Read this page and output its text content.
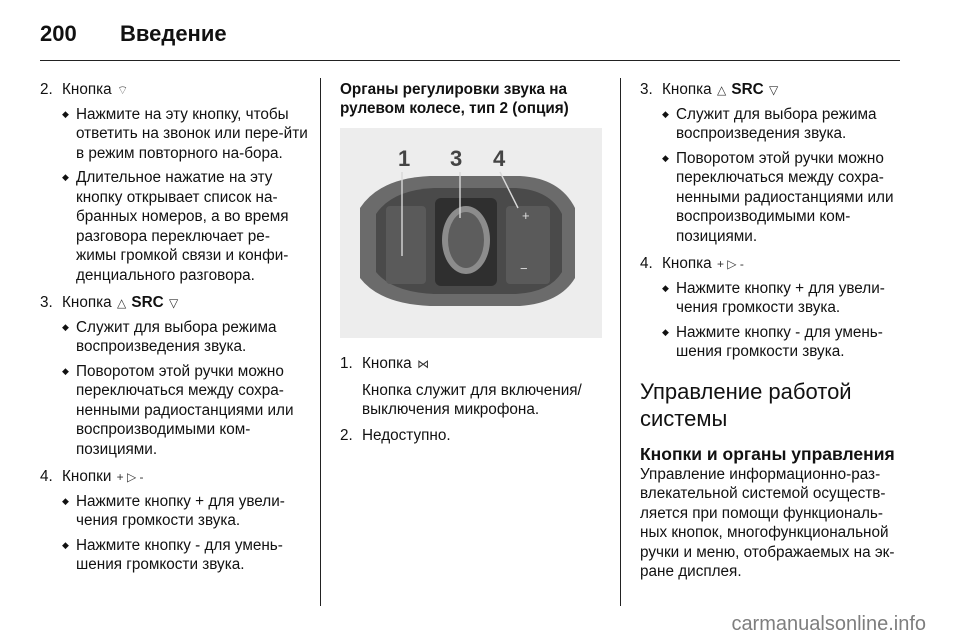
200	Введение
2. Кнопка ⌔
◆ Нажмите на эту кнопку, чтобы ответить на звонок или пере-йти в режим повторного на-бора.
◆ Длительное нажатие на эту кнопку открывает список на-бранных номеров, а во время разговора переключает ре-жимы громкой связи и конфи-денциального разговора.
3. Кнопка △ SRC ▽
◆ Служит для выбора режима воспроизведения звука.
◆ Поворотом этой ручки можно переключаться между сохра-ненными радиостанциями или воспроизводимыми ком-позициями.
4. Кнопки + ▷ -
◆ Нажмите кнопку + для увели-чения громкости звука.
◆ Нажмите кнопку - для умень-шения громкости звука.

Органы регулировки звука на рулевом колесе, тип 2 (опция)

1 3 4
+
−
1. Кнопка ⋈
Кнопка служит для включения/выключения микрофона.
2. Недоступно.
3. Кнопка △ SRC ▽
◆ Служит для выбора режима воспроизведения звука.
◆ Поворотом этой ручки можно переключаться между сохра-ненными радиостанциями или воспроизводимыми ком-позициями.
4. Кнопка + ▷ -
◆ Нажмите кнопку + для увели-чения громкости звука.
◆ Нажмите кнопку - для умень-шения громкости звука.
Управление работой системы
Кнопки и органы управления

Управление информационно-раз-влекательной системой осуществ-ляется при помощи функциональ-ных кнопок, многофункциональной ручки и меню, отображаемых на эк-ране дисплея.

carmanualsonline.info
